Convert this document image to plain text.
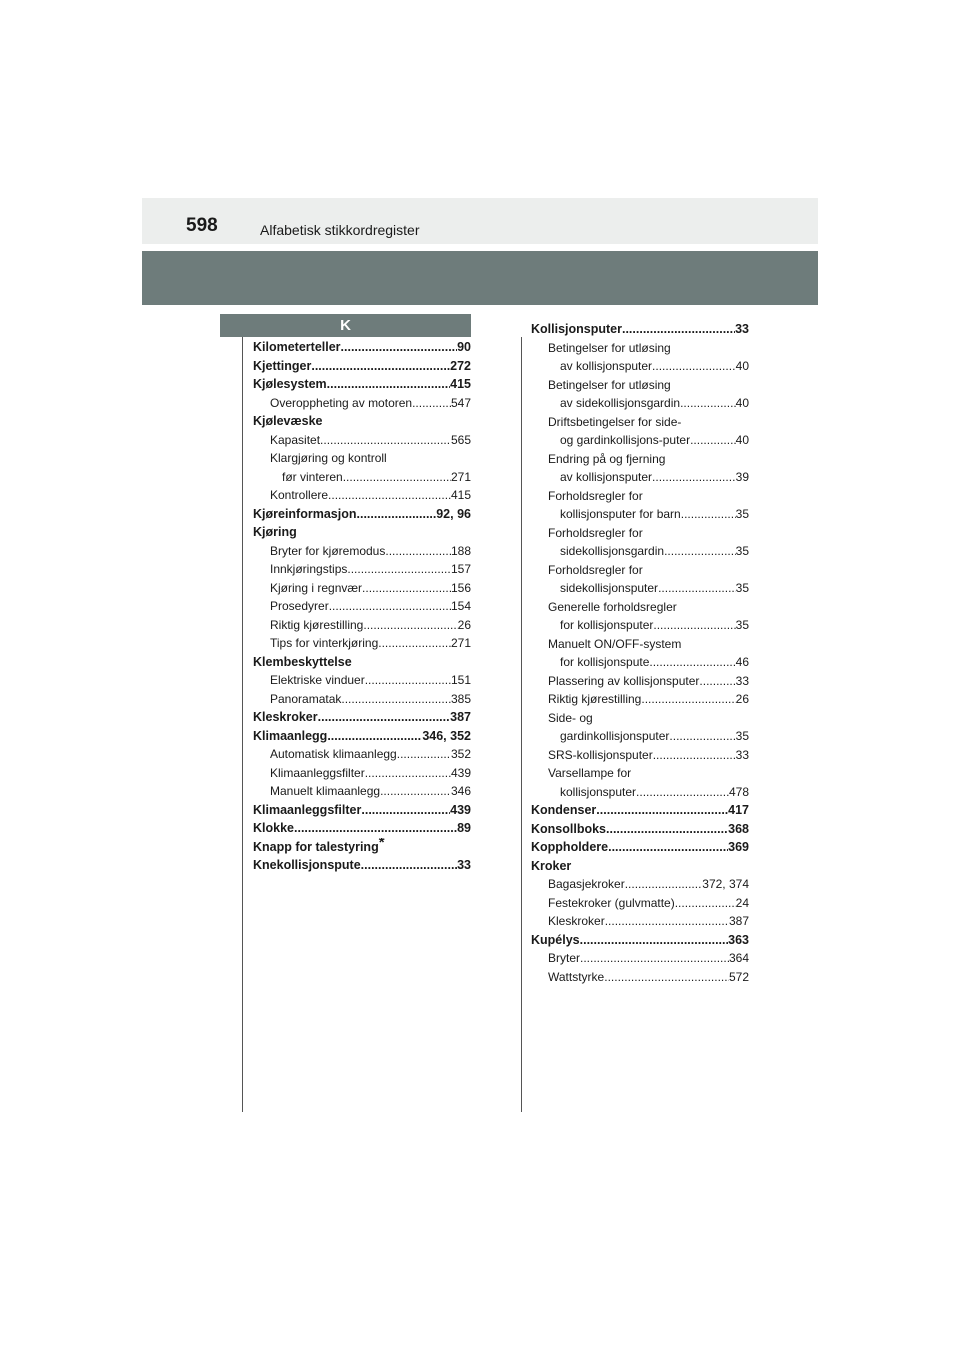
598	Alfabetisk stikkordregister
K
Kilometerteller .....	90
Kjettinger .....	272
Kjølesystem .....	415
Overoppheting av motoren .....	547
Kjølevæske
Kapasitet .....	565
Klargjøring og kontroll
før vinteren .....	271
Kontrollere .....	415
Kjøreinformasjon .....	92, 96
Kjøring
Bryter for kjøremodus .....	188
Innkjøringstips .....	157
Kjøring i regnvær .....	156
Prosedyrer .....	154
Riktig kjørestilling .....	26
Tips for vinterkjøring .....	271
Klembeskyttelse
Elektriske vinduer .....	151
Panoramatak .....	385
Kleskroker .....	387
Klimaanlegg .....	346, 352
Automatisk klimaanlegg .....	352
Klimaanleggsfilter .....	439
Manuelt klimaanlegg .....	346
Klimaanleggsfilter .....	439
Klokke .....	89
Knapp for talestyring*
Knekollisjonspute .....	33
Kollisjonsputer .....	33
Betingelser for utløsing
av kollisjonsputer .....	40
Betingelser for utløsing
av sidekollisjonsgardin .....	40
Driftsbetingelser for side-
og gardinkollisjons-puter .....	40
Endring på og fjerning
av kollisjonsputer .....	39
Forholdsregler for
kollisjonsputer for barn .....	35
Forholdsregler for
sidekollisjonsgardin .....	35
Forholdsregler for
sidekollisjonsputer .....	35
Generelle forholdsregler
for kollisjonsputer .....	35
Manuelt ON/OFF-system
for kollisjonspute .....	46
Plassering av kollisjonsputer .....	33
Riktig kjørestilling .....	26
Side- og
gardinkollisjonsputer .....	35
SRS-kollisjonsputer .....	33
Varsellampe for
kollisjonsputer .....	478
Kondenser .....	417
Konsollboks .....	368
Koppholdere .....	369
Kroker
Bagasjekroker .....	372, 374
Festekroker (gulvmatte) .....	24
Kleskroker .....	387
Kupélys .....	363
Bryter .....	364
Wattstyrke .....	572
